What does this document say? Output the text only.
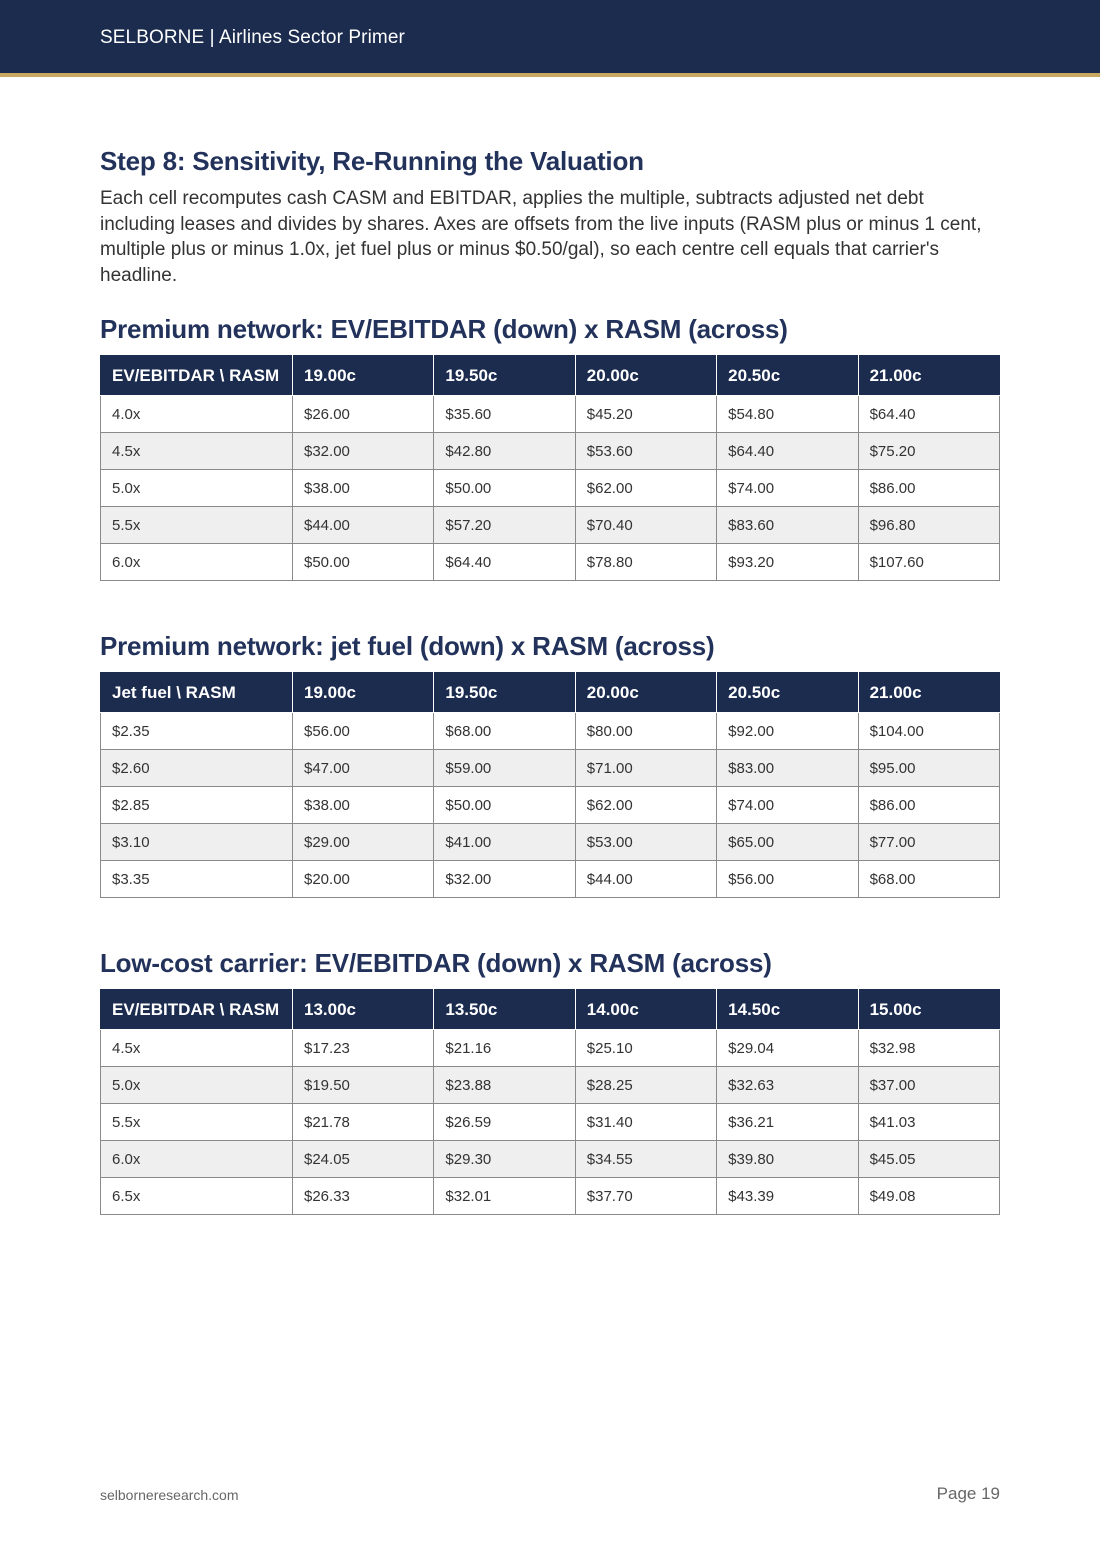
SELBORNE | Airlines Sector Primer
Step 8: Sensitivity, Re-Running the Valuation

Each cell recomputes cash CASM and EBITDAR, applies the multiple, subtracts adjusted net debt including leases and divides by shares. Axes are offsets from the live inputs (RASM plus or minus 1 cent, multiple plus or minus 1.0x, jet fuel plus or minus $0.50/gal), so each centre cell equals that carrier's headline.

Premium network: EV/EBITDAR (down) x RASM (across)
EV/EBITDAR \ RASM	19.00c	19.50c	20.00c	20.50c	21.00c
4.0x	$26.00	$35.60	$45.20	$54.80	$64.40
4.5x	$32.00	$42.80	$53.60	$64.40	$75.20
5.0x	$38.00	$50.00	$62.00	$74.00	$86.00
5.5x	$44.00	$57.20	$70.40	$83.60	$96.80
6.0x	$50.00	$64.40	$78.80	$93.20	$107.60
Premium network: jet fuel (down) x RASM (across)
Jet fuel \ RASM	19.00c	19.50c	20.00c	20.50c	21.00c
$2.35	$56.00	$68.00	$80.00	$92.00	$104.00
$2.60	$47.00	$59.00	$71.00	$83.00	$95.00
$2.85	$38.00	$50.00	$62.00	$74.00	$86.00
$3.10	$29.00	$41.00	$53.00	$65.00	$77.00
$3.35	$20.00	$32.00	$44.00	$56.00	$68.00
Low-cost carrier: EV/EBITDAR (down) x RASM (across)
EV/EBITDAR \ RASM	13.00c	13.50c	14.00c	14.50c	15.00c
4.5x	$17.23	$21.16	$25.10	$29.04	$32.98
5.0x	$19.50	$23.88	$28.25	$32.63	$37.00
5.5x	$21.78	$26.59	$31.40	$36.21	$41.03
6.0x	$24.05	$29.30	$34.55	$39.80	$45.05
6.5x	$26.33	$32.01	$37.70	$43.39	$49.08
selborneresearch.com	Page 19
